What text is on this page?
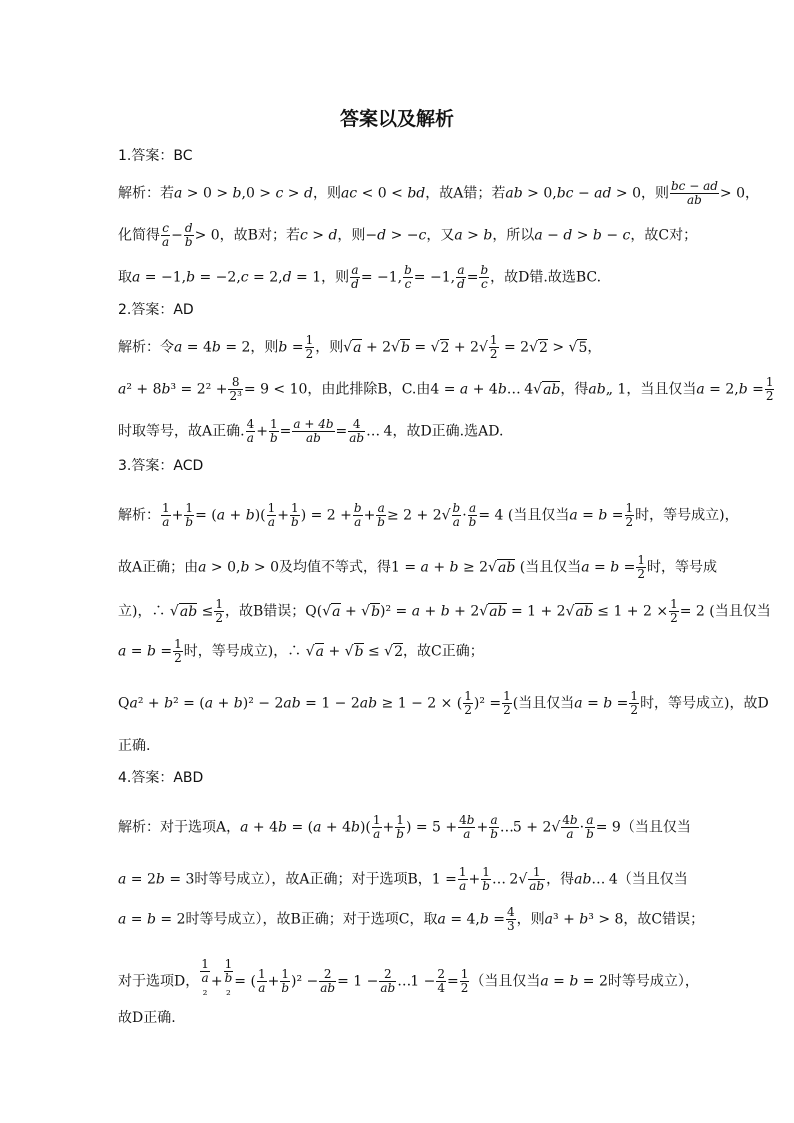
答案以及解析
1.答案：BC
解析：若a > 0 > b,0 > c > d，则ac < 0 < bd，故A错；若ab > 0,bc − ad > 0，则 $\frac{bc - ad}{ab} > 0$，
化简得 $\frac{c}{a} - \frac{d}{b} > 0$，故B对；若c > d，则−d > −c，又a > b，所以a − d > b − c，故C对；
取a = −1,b = −2,c = 2,d = 1，则 $\frac{a}{d} = -1$, $\frac{b}{c} = -1$, $\frac{a}{d} = \frac{b}{c}$ ，故D错.故选BC.
2.答案：AD
解析：令a = 4b = 2，则$b = \frac{1}{2}$ ，则$√a + 2√b = √2 + 2√ \frac{1}{2} = 2√2 > √5$，
$a^2 + 8b^3 = 2^2 + \frac{8}{\text{2³}} = 9 < 10$，由此排除B，C.由4 = a + 4b… 4√ab，得ab„ 1，当且仅当$a = 2,b = \frac{1}{2}$
时取等号，故A正确. $\frac{4}{a} + \frac{1}{b} = \frac{a + 4b}{ab} = \frac{4}{ab}$ … 4，故D正确.选AD.
3.答案：ACD
解析： $\frac{1}{a} + \frac{1}{b} = (a + b)( \frac{1}{a} + \frac{1}{b}$ ) = $2 + \frac{b}{a} + \frac{a}{b} \ge 2 + 2√ \frac{b}{a} \cdot \frac{a}{b} = 4$ (当且仅当$a = b = \frac{1}{2}$ 时，等号成立)，
故A正确；由a > 0,b > 0及均值不等式，得1 = a + b ≥ 2√ab (当且仅当$a = b = \frac{1}{2}$ 时，等号成
立)，∴ $√ab \le \frac{1}{2}$ ，故B错误；$Q(√a + √b)^2 = a + b + 2√ab = 1 + 2√ab \le 1 + 2 \times \frac{1}{2} = 2$ (当且仅当
$a = b = \frac{1}{2}$ 时，等号成立)，∴ √a + √b ≤ √2，故C正确；
Qa² + b² = (a + b)² − 2ab = 1 − 2ab ≥ 1 − 2 × ( $\frac{1}{2} )^2 = \frac{1}{2}$ (当且仅当$a = b = \frac{1}{2}$ 时，等号成立)，故D
正确.
4.答案：ABD
解析：对于选项A，$a + 4b = (a + 4b)( \frac{1}{a} + \frac{1}{b}$ ) = $5 + \frac{4b}{a} + \frac{a}{b}$ …5 + $2√ \frac{4b}{a} \cdot \frac{a}{b} = 9$（当且仅当
a = 2b = 3时等号成立），故A正确；对于选项B，$1 = \frac{1}{a} + \frac{1}{b}$ … $2√ \frac{1}{ab}$ ，得ab… 4（当且仅当
a = b = 2时等号成立），故B正确；对于选项C，取$a = 4,b = \frac{4}{3}$ ，则a³ + b³ > 8，故C错误；
对于选项D，
1
a
²+
1
b
²= ( $\frac{1}{a} + \frac{1}{b} )^2 - \frac{2}{ab} = 1 - \frac{2}{ab}$ …1 − $\frac{2}{4} = \frac{1}{2}$ （当且仅当a = b = 2时等号成立），
故D正确.
